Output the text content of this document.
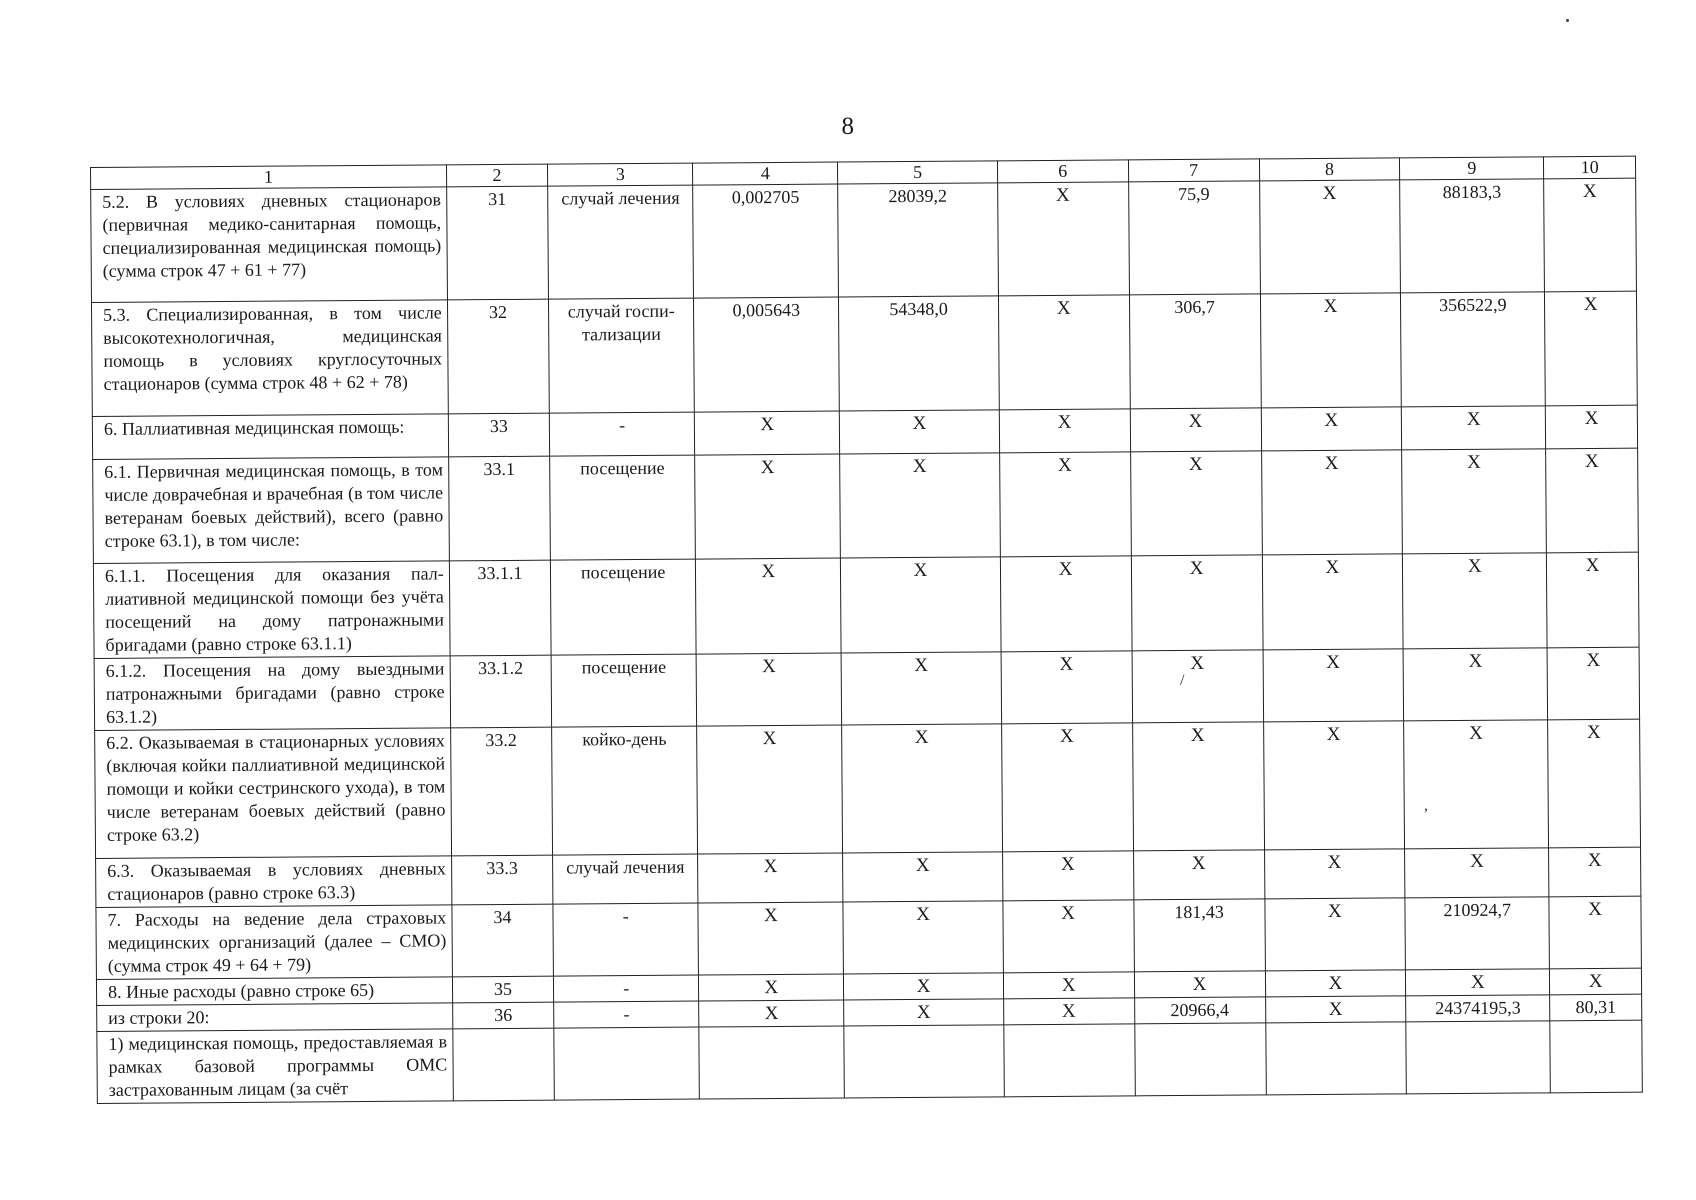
8
1	2	3	4	5	6	7	8	9	10
5.2. В условиях дневных стационаров (первичная медико-санитарная помощь, специализированная медицинская помощь) (сумма строк 47 + 61 + 77)	31	случай лечения	0,002705	28039,2	X	75,9	X	88183,3	X
5.3. Специализированная, в том числе высокотехнологичная, медицинская помощь в условиях круглосуточных стационаров (сумма строк 48 + 62 + 78)	32	случай госпитализации	0,005643	54348,0	X	306,7	X	356522,9	X
6. Паллиативная медицинская помощь:	33	-	X	X	X	X	X	X	X
6.1. Первичная медицинская помощь, в том числе доврачебная и врачебная (в том числе ветеранам боевых действий), всего (равно строке 63.1), в том числе:	33.1	посещение	X	X	X	X	X	X	X
6.1.1. Посещения для оказания паллиативной медицинской помощи без учёта посещений на дому патронажными бригадами (равно строке 63.1.1)	33.1.1	посещение	X	X	X	X	X	X	X
6.1.2. Посещения на дому выездными патронажными бригадами (равно строке 63.1.2)	33.1.2	посещение	X	X	X	X	X	X	X
6.2. Оказываемая в стационарных условиях (включая койки паллиативной медицинской помощи и койки сестринского ухода), в том числе ветеранам боевых действий (равно строке 63.2)	33.2	койко-день	X	X	X	X	X	X	X
6.3. Оказываемая в условиях дневных стационаров (равно строке 63.3)	33.3	случай лечения	X	X	X	X	X	X	X
7. Расходы на ведение дела страховых медицинских организаций (далее – СМО) (сумма строк 49 + 64 + 79)	34	-	X	X	X	181,43	X	210924,7	X
8. Иные расходы (равно строке 65)	35	-	X	X	X	X	X	X	X
из строки 20:	36	-	X	X	X	20966,4	X	24374195,3	80,31
1) медицинская помощь, предоставляемая в рамках базовой программы ОМС застрахованным лицам (за счёт									
/
,
